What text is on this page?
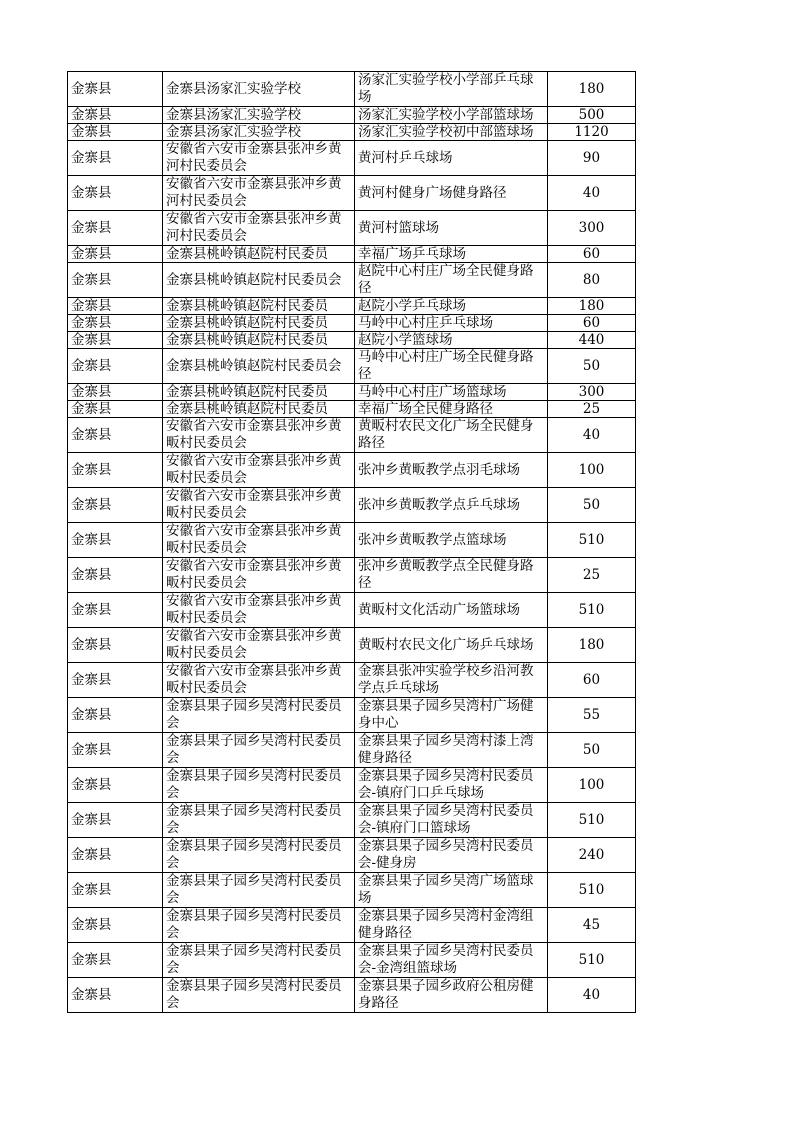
金寨县	金寨县汤家汇实验学校	汤家汇实验学校小学部乒乓球场	180
金寨县	金寨县汤家汇实验学校	汤家汇实验学校小学部篮球场	500
金寨县	金寨县汤家汇实验学校	汤家汇实验学校初中部篮球场	1120
金寨县	安徽省六安市金寨县张冲乡黄河村民委员会	黄河村乒乓球场	90
金寨县	安徽省六安市金寨县张冲乡黄河村民委员会	黄河村健身广场健身路径	40
金寨县	安徽省六安市金寨县张冲乡黄河村民委员会	黄河村篮球场	300
金寨县	金寨县桃岭镇赵院村民委员	幸福广场乒乓球场	60
金寨县	金寨县桃岭镇赵院村民委员会	赵院中心村庄广场全民健身路径	80
金寨县	金寨县桃岭镇赵院村民委员	赵院小学乒乓球场	180
金寨县	金寨县桃岭镇赵院村民委员	马岭中心村庄乒乓球场	60
金寨县	金寨县桃岭镇赵院村民委员	赵院小学篮球场	440
金寨县	金寨县桃岭镇赵院村民委员会	马岭中心村庄广场全民健身路径	50
金寨县	金寨县桃岭镇赵院村民委员	马岭中心村庄广场篮球场	300
金寨县	金寨县桃岭镇赵院村民委员	幸福广场全民健身路径	25
金寨县	安徽省六安市金寨县张冲乡黄畈村民委员会	黄畈村农民文化广场全民健身路径	40
金寨县	安徽省六安市金寨县张冲乡黄畈村民委员会	张冲乡黄畈教学点羽毛球场	100
金寨县	安徽省六安市金寨县张冲乡黄畈村民委员会	张冲乡黄畈教学点乒乓球场	50
金寨县	安徽省六安市金寨县张冲乡黄畈村民委员会	张冲乡黄畈教学点篮球场	510
金寨县	安徽省六安市金寨县张冲乡黄畈村民委员会	张冲乡黄畈教学点全民健身路径	25
金寨县	安徽省六安市金寨县张冲乡黄畈村民委员会	黄畈村文化活动广场篮球场	510
金寨县	安徽省六安市金寨县张冲乡黄畈村民委员会	黄畈村农民文化广场乒乓球场	180
金寨县	安徽省六安市金寨县张冲乡黄畈村民委员会	金寨县张冲实验学校乡沿河教学点乒乓球场	60
金寨县	金寨县果子园乡吴湾村民委员会	金寨县果子园乡吴湾村广场健身中心	55
金寨县	金寨县果子园乡吴湾村民委员会	金寨县果子园乡吴湾村漆上湾健身路径	50
金寨县	金寨县果子园乡吴湾村民委员会	金寨县果子园乡吴湾村民委员会-镇府门口乒乓球场	100
金寨县	金寨县果子园乡吴湾村民委员会	金寨县果子园乡吴湾村民委员会-镇府门口篮球场	510
金寨县	金寨县果子园乡吴湾村民委员会	金寨县果子园乡吴湾村民委员会-健身房	240
金寨县	金寨县果子园乡吴湾村民委员会	金寨县果子园乡吴湾广场篮球场	510
金寨县	金寨县果子园乡吴湾村民委员会	金寨县果子园乡吴湾村金湾组健身路径	45
金寨县	金寨县果子园乡吴湾村民委员会	金寨县果子园乡吴湾村民委员会-金湾组篮球场	510
金寨县	金寨县果子园乡吴湾村民委员会	金寨县果子园乡政府公租房健身路径	40
